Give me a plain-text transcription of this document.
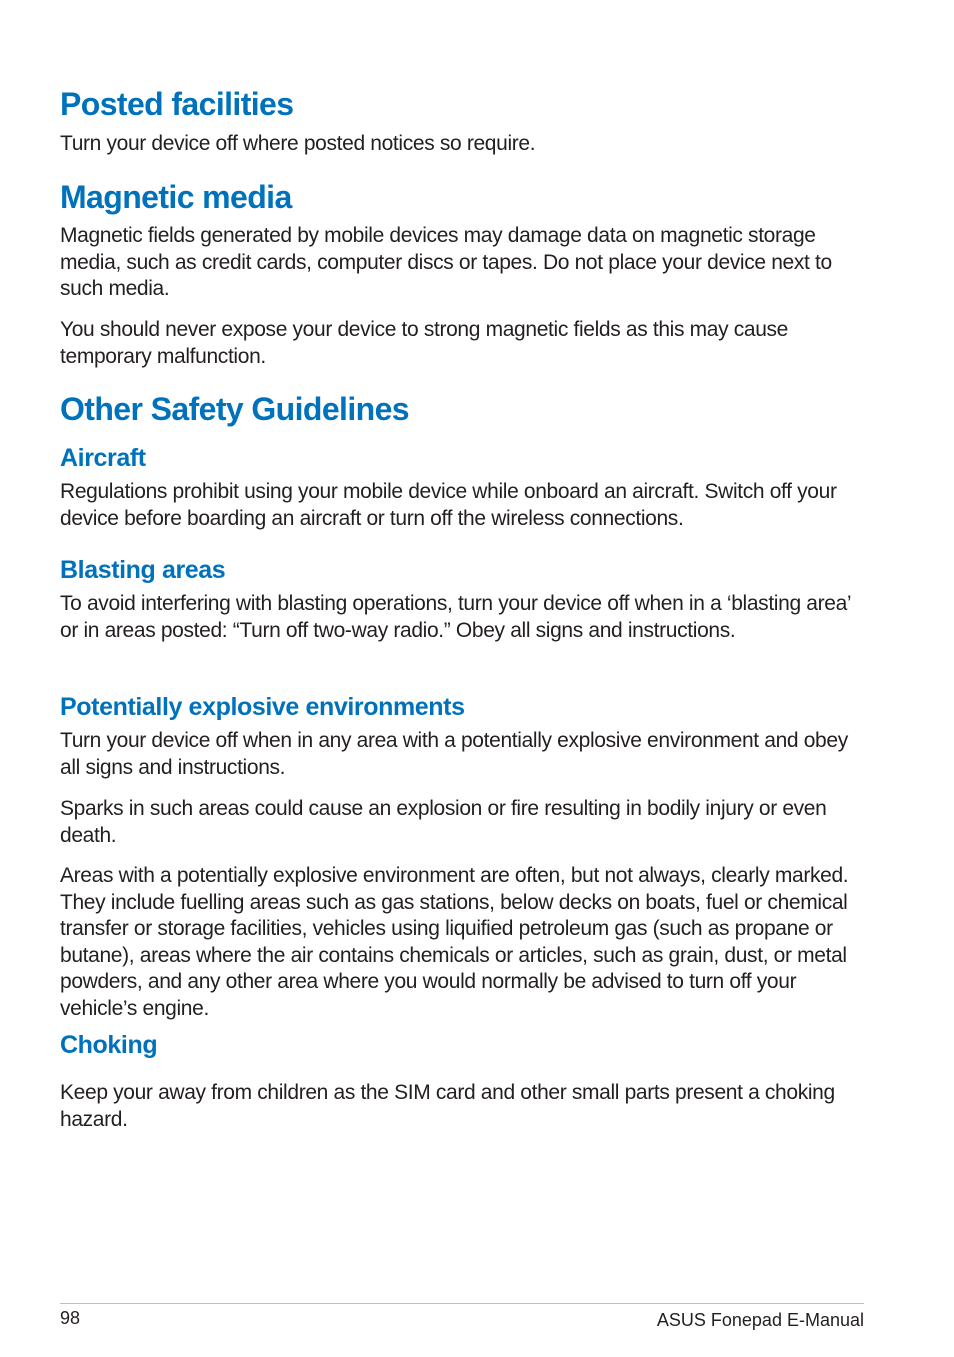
Posted facilities

Turn your device off where posted notices so require.

Magnetic media

Magnetic fields generated by mobile devices may damage data on magnetic storage media, such as credit cards, computer discs or tapes. Do not place your device next to such media.

You should never expose your device to strong magnetic fields as this may cause temporary malfunction.

Other Safety Guidelines
Aircraft

Regulations prohibit using your mobile device while onboard an aircraft. Switch off your device before boarding an aircraft or turn off the wireless connections.

Blasting areas

To avoid interfering with blasting operations, turn your device off when in a ‘blasting area’ or in areas posted: “Turn off two-way radio.” Obey all signs and instructions.

Potentially explosive environments

Turn your device off when in any area with a potentially explosive environment and obey all signs and instructions.

Sparks in such areas could cause an explosion or fire resulting in bodily injury or even death.

Areas with a potentially explosive environment are often, but not always, clearly marked. They include fuelling areas such as gas stations, below decks on boats, fuel or chemical transfer or storage facilities, vehicles using liquified petroleum gas (such as propane or butane), areas where the air contains chemicals or articles, such as grain, dust, or metal powders, and any other area where you would normally be advised to turn off your vehicle’s engine.

Choking

Keep your away from children as the SIM card and other small parts present a choking hazard.

98	ASUS Fonepad E-Manual
